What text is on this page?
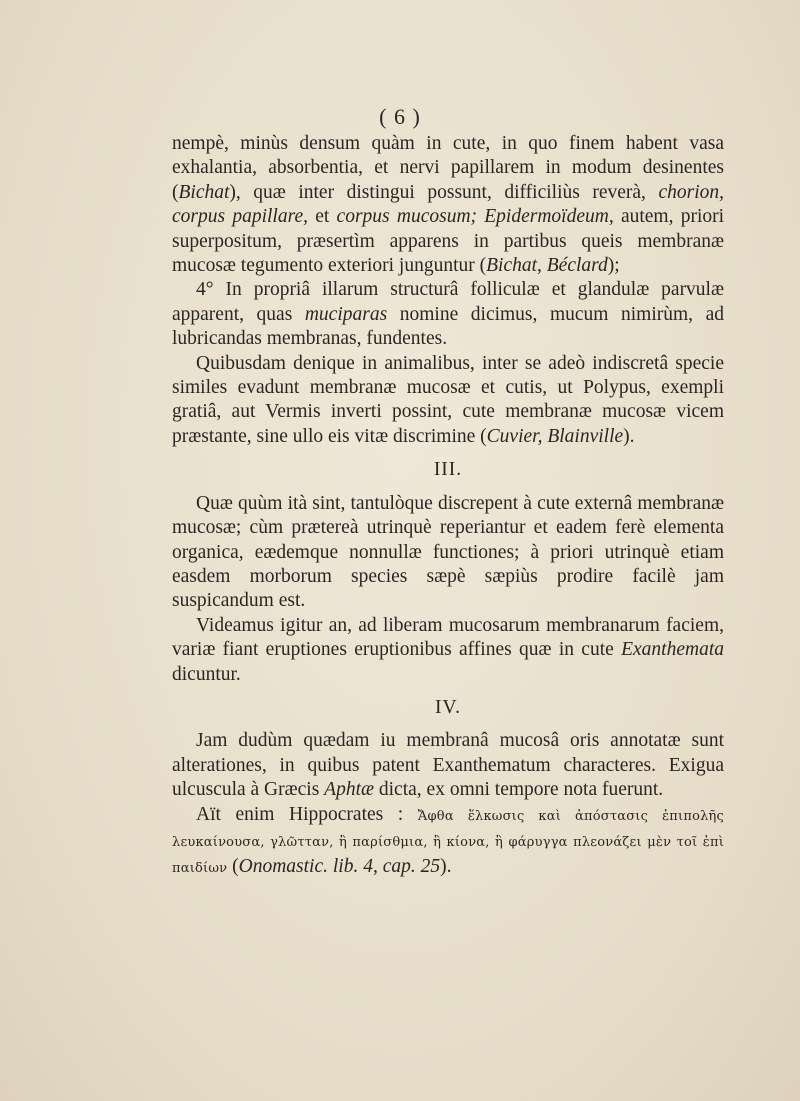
( 6 )

nempè, minùs densum quàm in cute, in quo finem habent vasa exhalantia, absorbentia, et nervi papillarem in modum desinentes (Bichat), quæ inter distingui possunt, difficiliùs reverà, chorion, corpus papillare, et corpus mucosum; Epidermoïdeum, autem, priori superpositum, præsertìm apparens in partibus queis membranæ mucosæ tegumento exteriori junguntur (Bichat, Béclard);

4° In propriâ illarum structurâ folliculæ et glandulæ parvulæ apparent, quas muciparas nomine dicimus, mucum nimirùm, ad lubricandas membranas, fundentes.

Quibusdam denique in animalibus, inter se adeò indiscretâ specie similes evadunt membranæ mucosæ et cutis, ut Polypus, exempli gratiâ, aut Vermis inverti possint, cute membranæ mucosæ vicem præstante, sine ullo eis vitæ discrimine (Cuvier, Blainville).

III.

Quæ quùm ità sint, tantulòque discrepent à cute externâ membranæ mucosæ; cùm prætereà utrinquè reperiantur et eadem ferè elementa organica, eædemque nonnullæ functiones; à priori utrinquè etiam easdem morborum species sæpè sæpiùs prodire facilè jam suspicandum est.

Videamus igitur an, ad liberam mucosarum membranarum faciem, variæ fiant eruptiones eruptionibus affines quæ in cute Exanthemata dicuntur.

IV.

Jam dudùm quædam iu membranâ mucosâ oris annotatæ sunt alterationes, in quibus patent Exanthematum characteres. Exigua ulcuscula à Græcis Aphtæ dicta, ex omni tempore nota fuerunt.

Aït enim Hippocrates : Ἄφθα ἕλκωσις καὶ ἀπόστασις ἐπιπολῆς λευκαίνουσα, γλῶτταν, ἢ παρίσθμια, ἢ κίονα, ἢ φάρυγγα πλεονάζει μὲν τοῖ ἐπὶ παιδίων (Onomastic. lib. 4, cap. 25).
